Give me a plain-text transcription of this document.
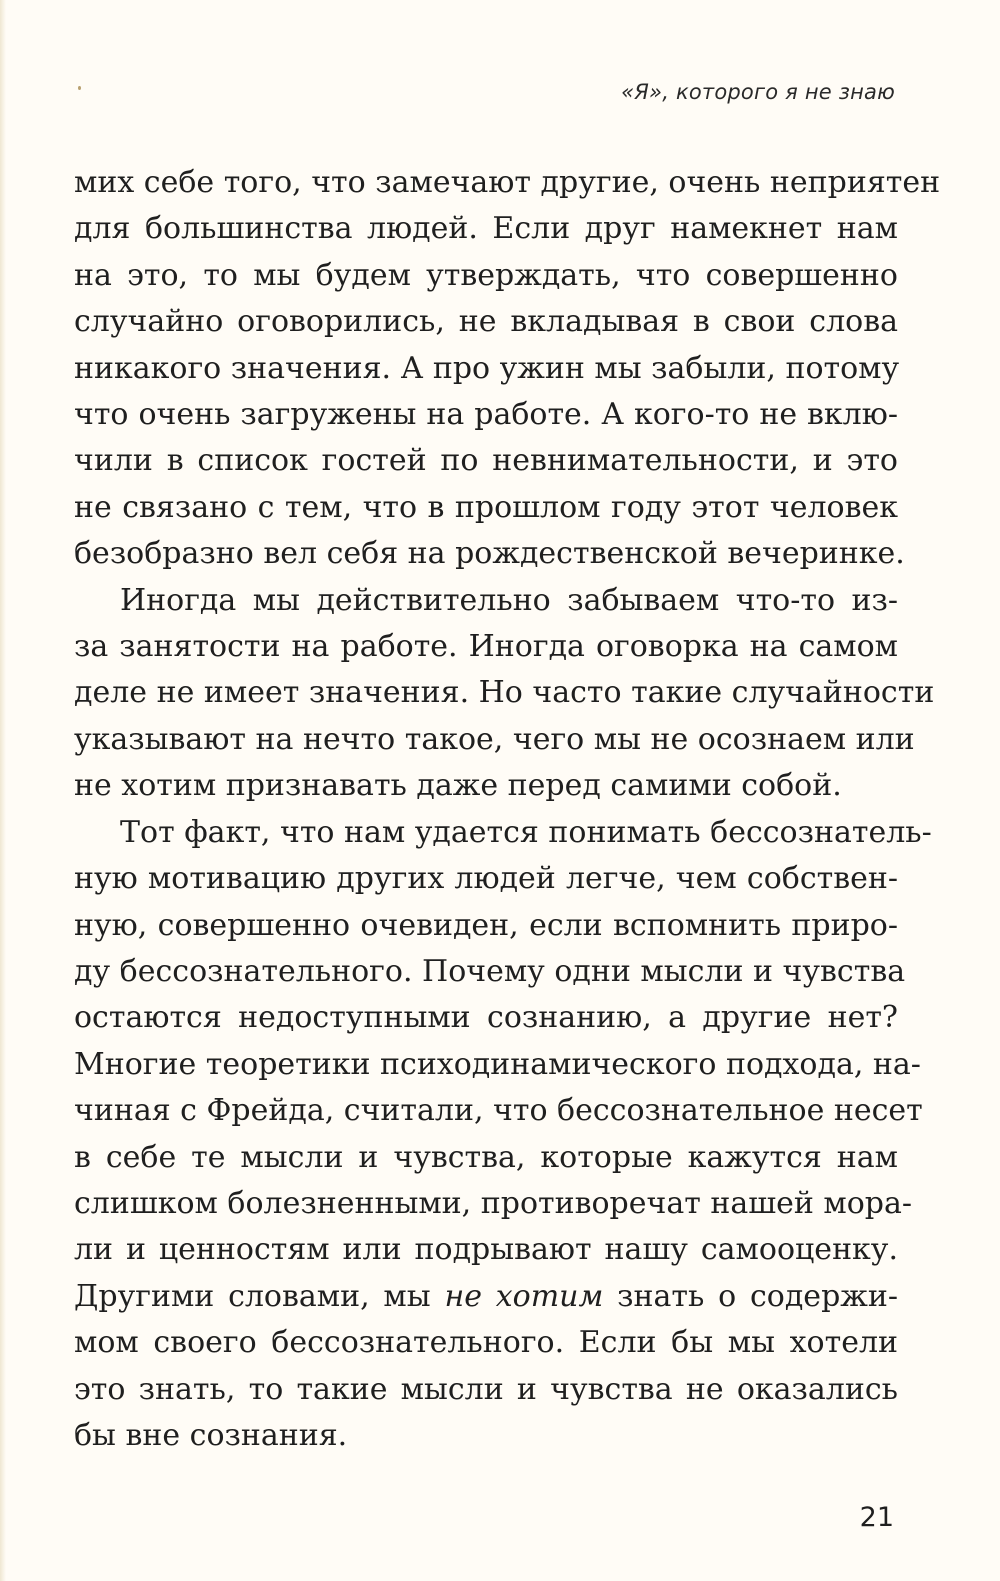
«Я», которого я не знаю
мих себе того, что замечают другие, очень неприятен
для большинства людей. Если друг намекнет нам
на это, то мы будем утверждать, что совершенно
случайно оговорились, не вкладывая в свои слова
никакого значения. А про ужин мы забыли, потому
что очень загружены на работе. А кого-то не вклю-
чили в список гостей по невнимательности, и это
не связано с тем, что в прошлом году этот человек
безобразно вел себя на рождественской вечеринке.
Иногда мы действительно забываем что-то из-
за занятости на работе. Иногда оговорка на самом
деле не имеет значения. Но часто такие случайности
указывают на нечто такое, чего мы не осознаем или
не хотим признавать даже перед самими собой.
Тот факт, что нам удается понимать бессознатель-
ную мотивацию других людей легче, чем собствен-
ную, совершенно очевиден, если вспомнить приро-
ду бессознательного. Почему одни мысли и чувства
остаются недоступными сознанию, а другие нет?
Многие теоретики психодинамического подхода, на-
чиная с Фрейда, считали, что бессознательное несет
в себе те мысли и чувства, которые кажутся нам
слишком болезненными, противоречат нашей мора-
ли и ценностям или подрывают нашу самооценку.
Другими словами, мы не хотим знать о содержи-
мом своего бессознательного. Если бы мы хотели
это знать, то такие мысли и чувства не оказались
бы вне сознания.
21
